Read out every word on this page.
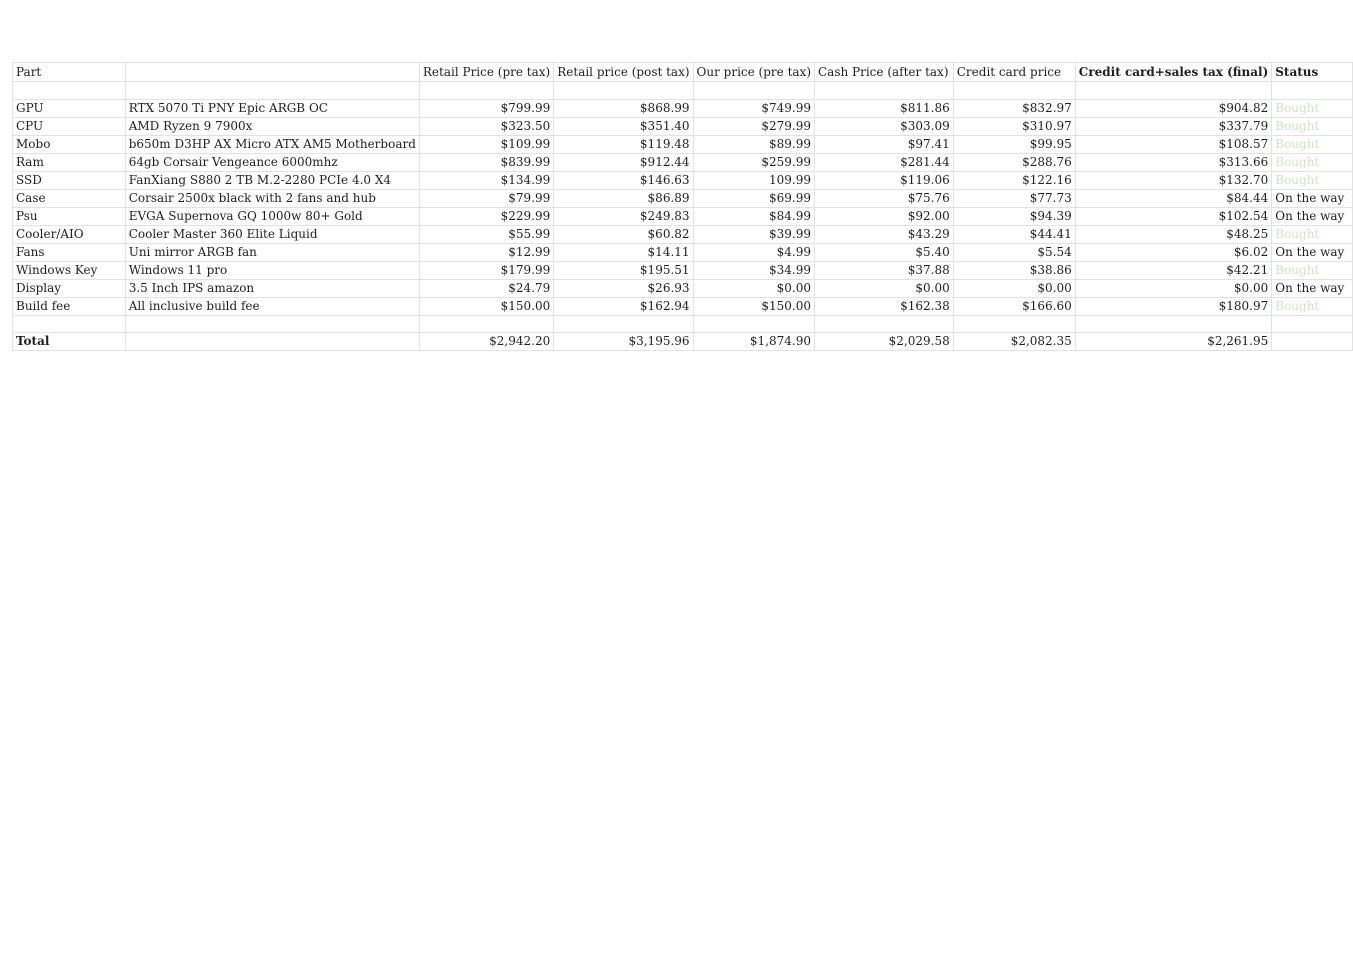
Part		Retail Price (pre tax)	Retail price (post tax)	Our price (pre tax)	Cash Price (after tax)	Credit card price	Credit card+sales tax (final)	Status

GPU	RTX 5070 Ti PNY Epic ARGB OC	$799.99	$868.99	$749.99	$811.86	$832.97	$904.82	Bought
CPU	AMD Ryzen 9 7900x	$323.50	$351.40	$279.99	$303.09	$310.97	$337.79	Bought
Mobo	b650m D3HP AX Micro ATX AM5 Motherboard	$109.99	$119.48	$89.99	$97.41	$99.95	$108.57	Bought
Ram	64gb Corsair Vengeance 6000mhz	$839.99	$912.44	$259.99	$281.44	$288.76	$313.66	Bought
SSD	FanXiang S880 2 TB M.2-2280 PCIe 4.0 X4	$134.99	$146.63	109.99	$119.06	$122.16	$132.70	Bought
Case	Corsair 2500x black with 2 fans and hub	$79.99	$86.89	$69.99	$75.76	$77.73	$84.44	On the way
Psu	EVGA Supernova GQ 1000w 80+ Gold	$229.99	$249.83	$84.99	$92.00	$94.39	$102.54	On the way
Cooler/AIO	Cooler Master 360 Elite Liquid	$55.99	$60.82	$39.99	$43.29	$44.41	$48.25	Bought
Fans	Uni mirror ARGB fan	$12.99	$14.11	$4.99	$5.40	$5.54	$6.02	On the way
Windows Key	Windows 11 pro	$179.99	$195.51	$34.99	$37.88	$38.86	$42.21	Bought
Display	3.5 Inch IPS amazon	$24.79	$26.93	$0.00	$0.00	$0.00	$0.00	On the way
Build fee	All inclusive build fee	$150.00	$162.94	$150.00	$162.38	$166.60	$180.97	Bought

Total		$2,942.20	$3,195.96	$1,874.90	$2,029.58	$2,082.35	$2,261.95	
